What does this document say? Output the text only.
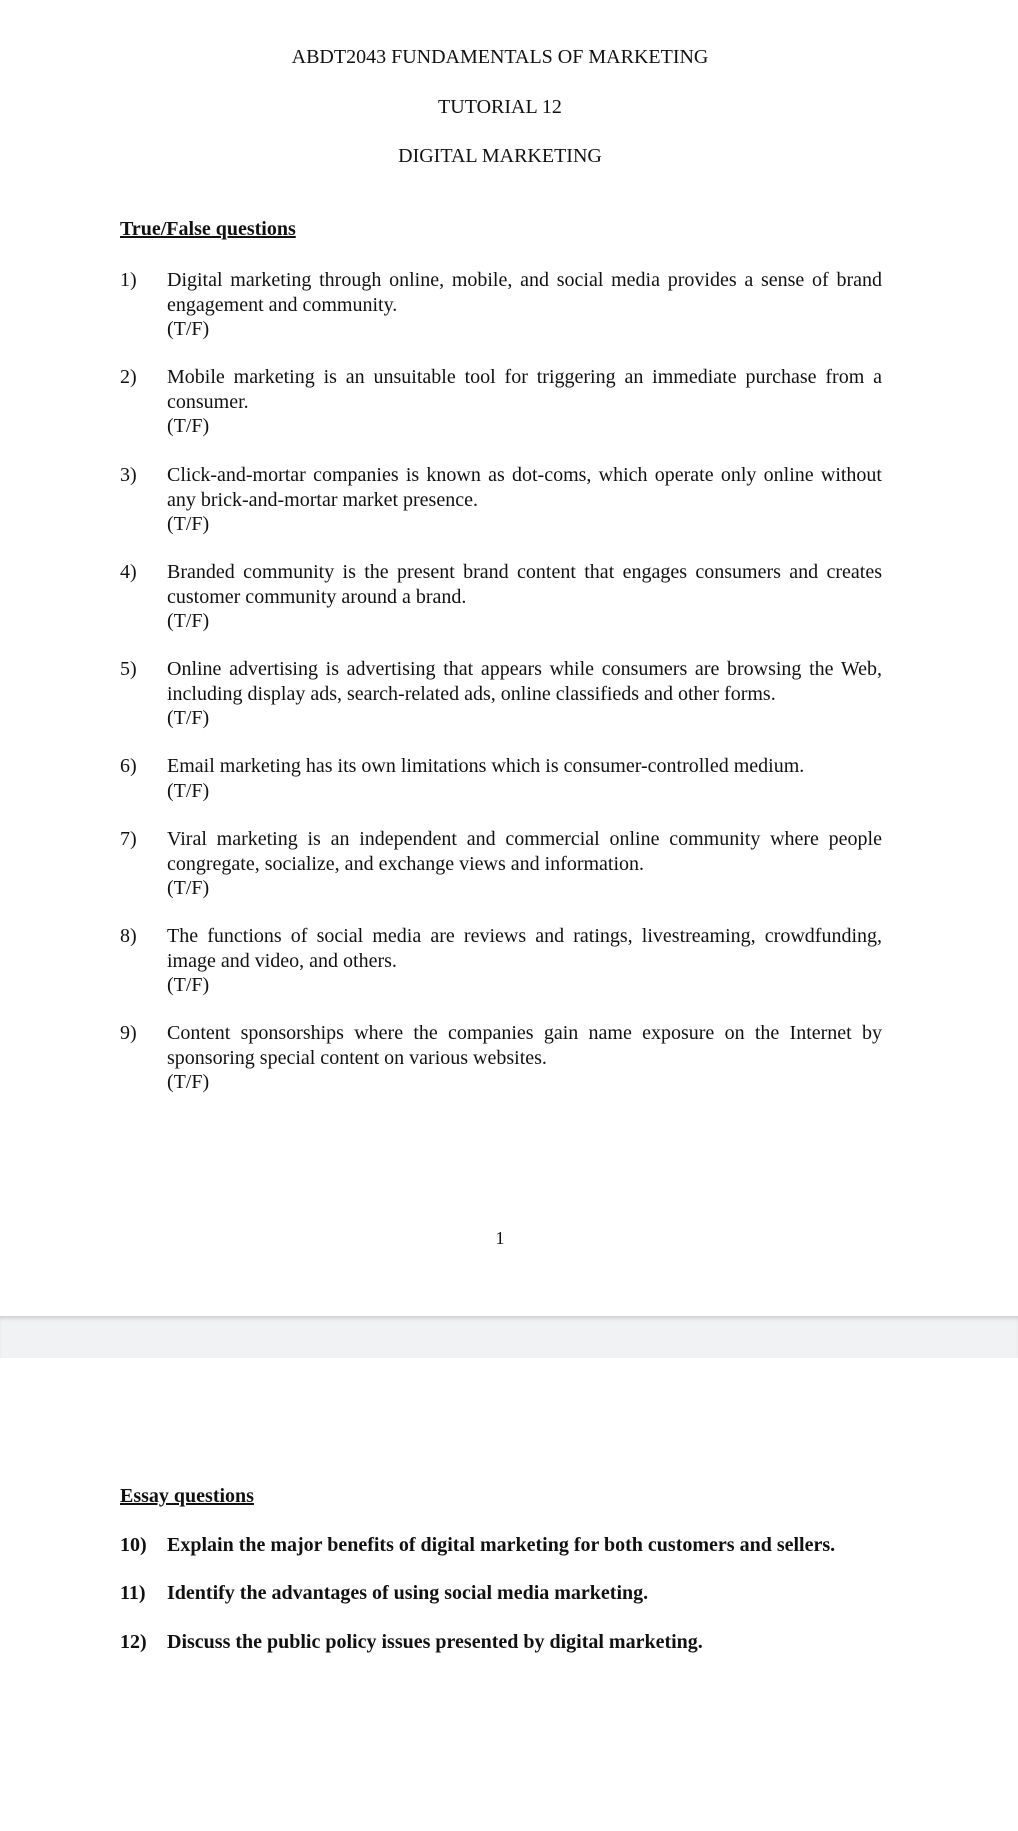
ABDT2043 FUNDAMENTALS OF MARKETING
TUTORIAL 12
DIGITAL MARKETING
True/False questions
1) Digital marketing through online, mobile, and social media provides a sense of brand engagement and community.
(T/F)
2) Mobile marketing is an unsuitable tool for triggering an immediate purchase from a consumer.
(T/F)
3) Click-and-mortar companies is known as dot-coms, which operate only online without any brick-and-mortar market presence.
(T/F)
4) Branded community is the present brand content that engages consumers and creates customer community around a brand.
(T/F)
5) Online advertising is advertising that appears while consumers are browsing the Web, including display ads, search-related ads, online classifieds and other forms.
(T/F)
6) Email marketing has its own limitations which is consumer-controlled medium.
(T/F)
7) Viral marketing is an independent and commercial online community where people congregate, socialize, and exchange views and information.
(T/F)
8) The functions of social media are reviews and ratings, livestreaming, crowdfunding, image and video, and others.
(T/F)
9) Content sponsorships where the companies gain name exposure on the Internet by sponsoring special content on various websites.
(T/F)
1
Essay questions
10) Explain the major benefits of digital marketing for both customers and sellers.
11) Identify the advantages of using social media marketing.
12) Discuss the public policy issues presented by digital marketing.
